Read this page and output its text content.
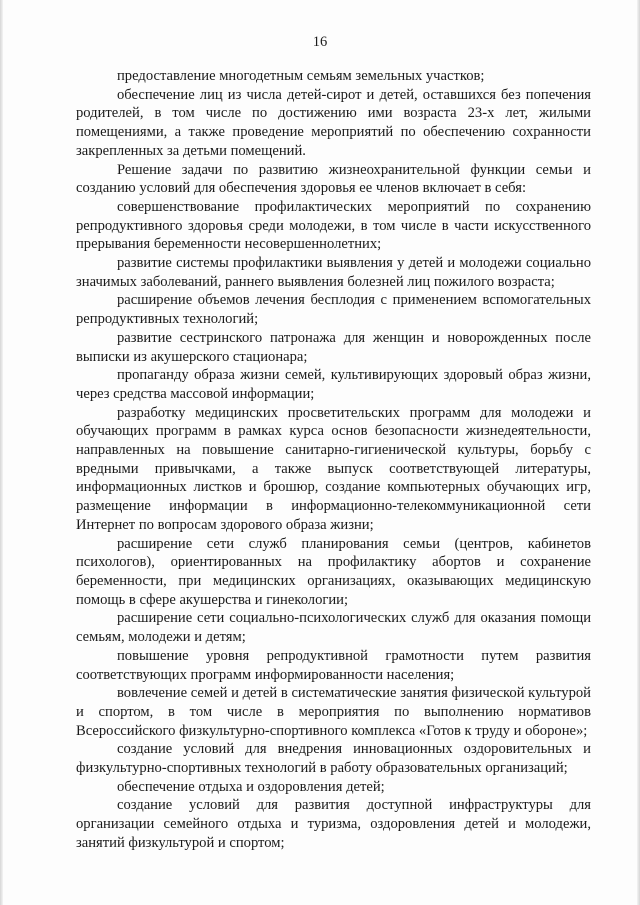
16

предоставление многодетным семьям земельных участков;

обеспечение лиц из числа детей-сирот и детей, оставшихся без попечения родителей, в том числе по достижению ими возраста 23-х лет, жилыми помещениями, а также проведение мероприятий по обеспечению сохранности закрепленных за детьми помещений.

Решение задачи по развитию жизнеохранительной функции семьи и созданию условий для обеспечения здоровья ее членов включает в себя:

совершенствование профилактических мероприятий по сохранению репродуктивного здоровья среди молодежи, в том числе в части искусственного прерывания беременности несовершеннолетних;

развитие системы профилактики выявления у детей и молодежи социально значимых заболеваний, раннего выявления болезней лиц пожилого возраста;

расширение объемов лечения бесплодия с применением вспомогательных репродуктивных технологий;

развитие сестринского патронажа для женщин и новорожденных после выписки из акушерского стационара;

пропаганду образа жизни семей, культивирующих здоровый образ жизни, через средства массовой информации;

разработку медицинских просветительских программ для молодежи и обучающих программ в рамках курса основ безопасности жизнедеятельности, направленных на повышение санитарно-гигиенической культуры, борьбу с вредными привычками, а также выпуск соответствующей литературы, информационных листков и брошюр, создание компьютерных обучающих игр, размещение информации в информационно-телекоммуникационной сети Интернет по вопросам здорового образа жизни;

расширение сети служб планирования семьи (центров, кабинетов психологов), ориентированных на профилактику абортов и сохранение беременности, при медицинских организациях, оказывающих медицинскую помощь в сфере акушерства и гинекологии;

расширение сети социально-психологических служб для оказания помощи семьям, молодежи и детям;

повышение уровня репродуктивной грамотности путем развития соответствующих программ информированности населения;

вовлечение семей и детей в систематические занятия физической культурой и спортом, в том числе в мероприятия по выполнению нормативов Всероссийского физкультурно-спортивного комплекса «Готов к труду и обороне»;

создание условий для внедрения инновационных оздоровительных и физкультурно-спортивных технологий в работу образовательных организаций;

обеспечение отдыха и оздоровления детей;

создание условий для развития доступной инфраструктуры для организации семейного отдыха и туризма, оздоровления детей и молодежи, занятий физкультурой и спортом;
